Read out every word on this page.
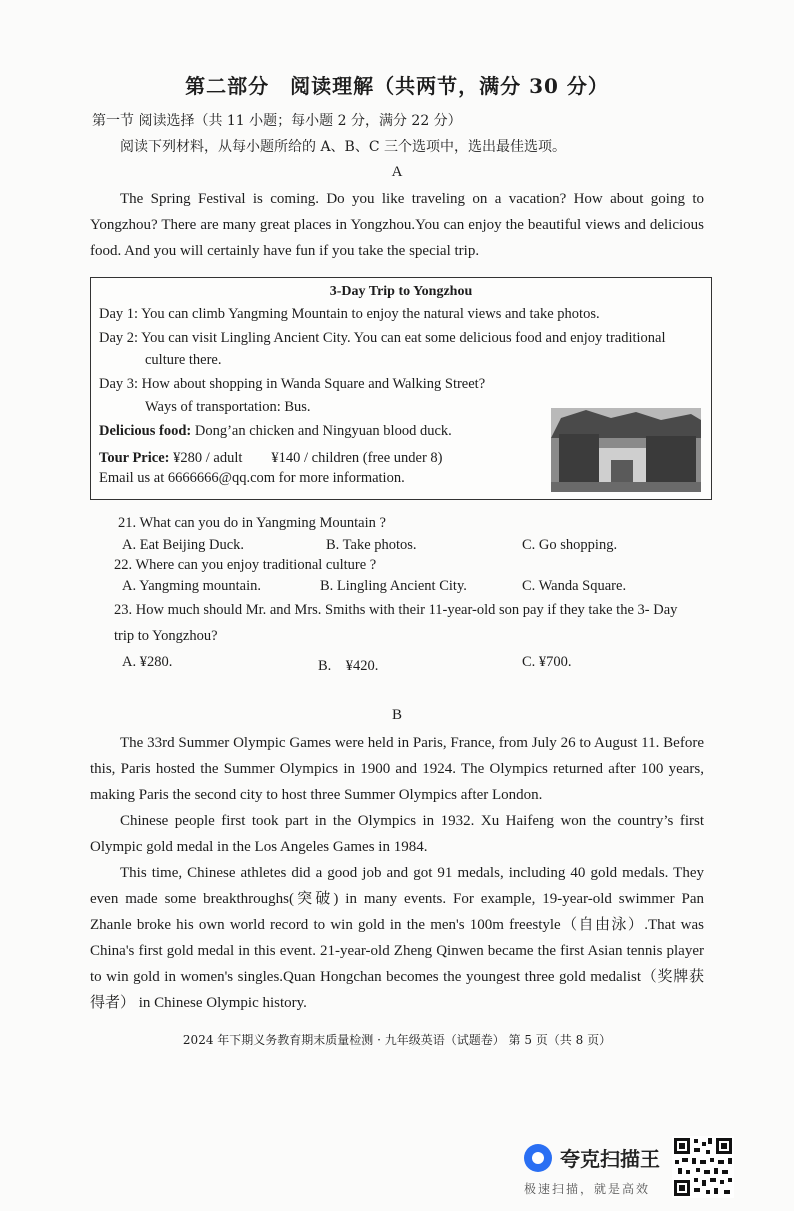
第二部分　阅读理解（共两节，满分 30 分）
第一节 阅读选择（共 11 小题；每小题 2 分，满分 22 分）
阅读下列材料，从每小题所给的 A、B、C 三个选项中，选出最佳选项。
A
The Spring Festival is coming. Do you like traveling on a vacation? How about going to Yongzhou? There are many great places in Yongzhou.You can enjoy the beautiful views and delicious food. And you will certainly have fun if you take the special trip.
3-Day Trip to Yongzhou
Day 1: You can climb Yangming Mountain to enjoy the natural views and take photos.
Day 2: You can visit Lingling Ancient City. You can eat some delicious food and enjoy traditional
culture there.
Day 3: How about shopping in Wanda Square and Walking Street?
Ways of transportation: Bus.
Delicious food: Dong’an chicken and Ningyuan blood duck.
Tour Price: ¥280 / adult　　¥140 / children (free under 8)
Email us at 6666666@qq.com for more information.
21. What can you do in Yangming Mountain ?
A. Eat Beijing Duck.	B. Take photos.	C. Go shopping.
22. Where can you enjoy traditional culture ?
A. Yangming mountain.	B. Lingling Ancient City.	C. Wanda Square.
23. How much should Mr. and Mrs. Smiths with their 11-year-old son pay if they take the 3- Day
trip to Yongzhou?
A. ¥280.	B.　¥420.	C. ¥700.
B
The 33rd Summer Olympic Games were held in Paris, France, from July 26 to August 11. Before this, Paris hosted the Summer Olympics in 1900 and 1924. The Olympics returned after 100 years, making Paris the second city to host three Summer Olympics after London.
Chinese people first took part in the Olympics in 1932. Xu Haifeng won the country’s first Olympic gold medal in the Los Angeles Games in 1984.
This time, Chinese athletes did a good job and got 91 medals, including 40 gold medals. They even made some breakthroughs(突破) in many events. For example, 19-year-old swimmer Pan Zhanle broke his own world record to win gold in the men's 100m freestyle（自由泳）.That was China's first gold medal in this event. 21-year-old Zheng Qinwen became the first Asian tennis player to win gold in women's singles.Quan Hongchan becomes the youngest three gold medalist（奖牌获得者） in Chinese Olympic history.
2024 年下期义务教育期末质量检测 · 九年级英语（试题卷） 第 5 页（共 8 页）
夸克扫描王
极速扫描，就是高效
